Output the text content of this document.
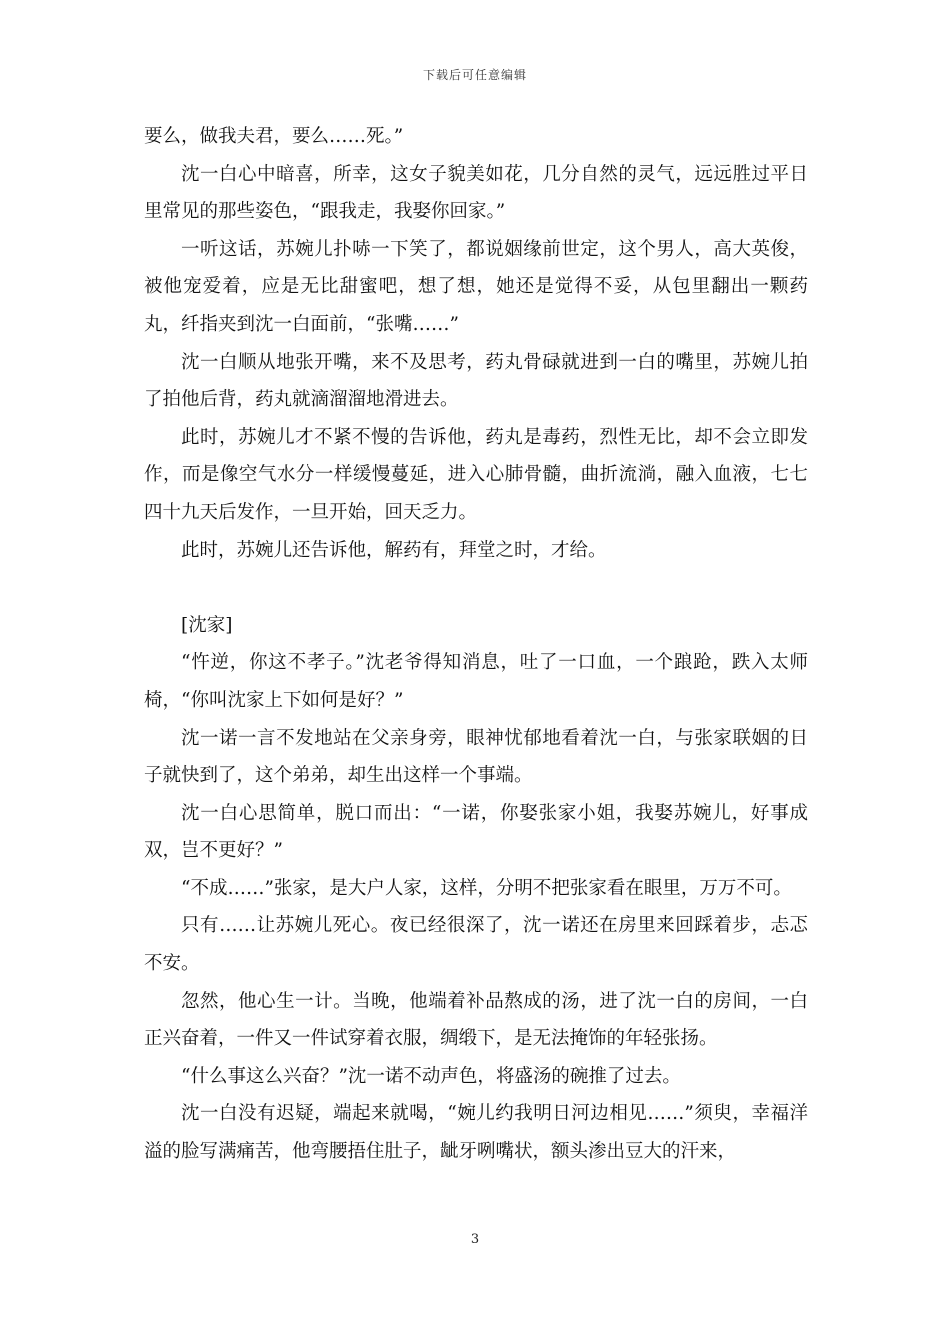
下载后可任意编辑

要么，做我夫君，要么……死。”

沈一白心中暗喜，所幸，这女子貌美如花，几分自然的灵气，远远胜过平日里常见的那些姿色，“跟我走，我娶你回家。”

一听这话，苏婉儿扑哧一下笑了，都说姻缘前世定，这个男人，高大英俊，被他宠爱着，应是无比甜蜜吧，想了想，她还是觉得不妥，从包里翻出一颗药丸，纤指夹到沈一白面前，“张嘴……”

沈一白顺从地张开嘴，来不及思考，药丸骨碌就进到一白的嘴里，苏婉儿拍了拍他后背，药丸就滴溜溜地滑进去。

此时，苏婉儿才不紧不慢的告诉他，药丸是毒药，烈性无比，却不会立即发作，而是像空气水分一样缓慢蔓延，进入心肺骨髓，曲折流淌，融入血液，七七四十九天后发作，一旦开始，回天乏力。

此时，苏婉儿还告诉他，解药有，拜堂之时，才给。

[沈家]

“忤逆，你这不孝子。”沈老爷得知消息，吐了一口血，一个踉跄，跌入太师椅，“你叫沈家上下如何是好？”

沈一诺一言不发地站在父亲身旁，眼神忧郁地看着沈一白，与张家联姻的日子就快到了，这个弟弟，却生出这样一个事端。

沈一白心思简单，脱口而出：“一诺，你娶张家小姐，我娶苏婉儿，好事成双，岂不更好？”

“不成……”张家，是大户人家，这样，分明不把张家看在眼里，万万不可。

只有……让苏婉儿死心。夜已经很深了，沈一诺还在房里来回踩着步，忐忑不安。

忽然，他心生一计。当晚，他端着补品熬成的汤，进了沈一白的房间，一白正兴奋着，一件又一件试穿着衣服，绸缎下，是无法掩饰的年轻张扬。

“什么事这么兴奋？”沈一诺不动声色，将盛汤的碗推了过去。

沈一白没有迟疑，端起来就喝，“婉儿约我明日河边相见……”须臾，幸福洋溢的脸写满痛苦，他弯腰捂住肚子，龇牙咧嘴状，额头渗出豆大的汗来，

3
